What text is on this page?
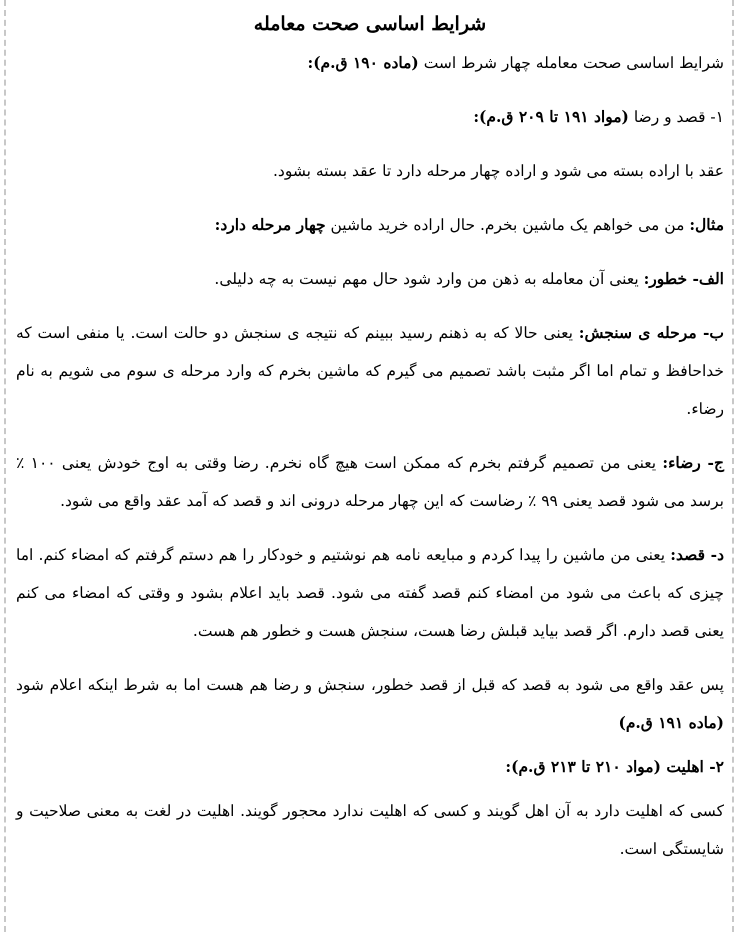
شرایط اساسی صحت معامله

شرایط اساسی صحت معامله چهار شرط است (ماده ۱۹۰ ق.م):

۱- قصد و رضا (مواد ۱۹۱ تا ۲۰۹ ق.م):

عقد با اراده بسته می شود و اراده چهار مرحله دارد تا عقد بسته بشود.

مثال: من می خواهم یک ماشین بخرم. حال اراده خرید ماشین چهار مرحله دارد:

الف- خطور: یعنی آن معامله به ذهن من وارد شود حال مهم نیست به چه دلیلی.

ب- مرحله ی سنجش: یعنی حالا که به ذهنم رسید ببینم که نتیجه ی سنجش دو حالت است. یا منفی است که خداحافظ و تمام اما اگر مثبت باشد تصمیم می گیرم که ماشین بخرم که وارد مرحله ی سوم می شویم به نام رضاء.

ج- رضاء: یعنی من تصمیم گرفتم بخرم که ممکن است هیچ گاه نخرم. رضا وقتی به اوج خودش یعنی ۱۰۰ ٪ برسد می شود قصد یعنی ۹۹ ٪ رضاست که این چهار مرحله درونی اند و قصد که آمد عقد واقع می شود.

د- قصد: یعنی من ماشین را پیدا کردم و مبایعه نامه هم نوشتیم و خودکار را هم دستم گرفتم که امضاء کنم. اما چیزی که باعث می شود من امضاء کنم قصد گفته می شود. قصد باید اعلام بشود و وقتی که امضاء می کنم یعنی قصد دارم. اگر قصد بیاید قبلش رضا هست، سنجش هست و خطور هم هست.

پس عقد واقع می شود به قصد که قبل از قصد خطور، سنجش و رضا هم هست اما به شرط اینکه اعلام شود (ماده ۱۹۱ ق.م)

۲- اهلیت (مواد ۲۱۰ تا ۲۱۳ ق.م):

کسی که اهلیت دارد به آن اهل گویند و کسی که اهلیت ندارد محجور گویند. اهلیت در لغت به معنی صلاحیت و شایستگی است.
